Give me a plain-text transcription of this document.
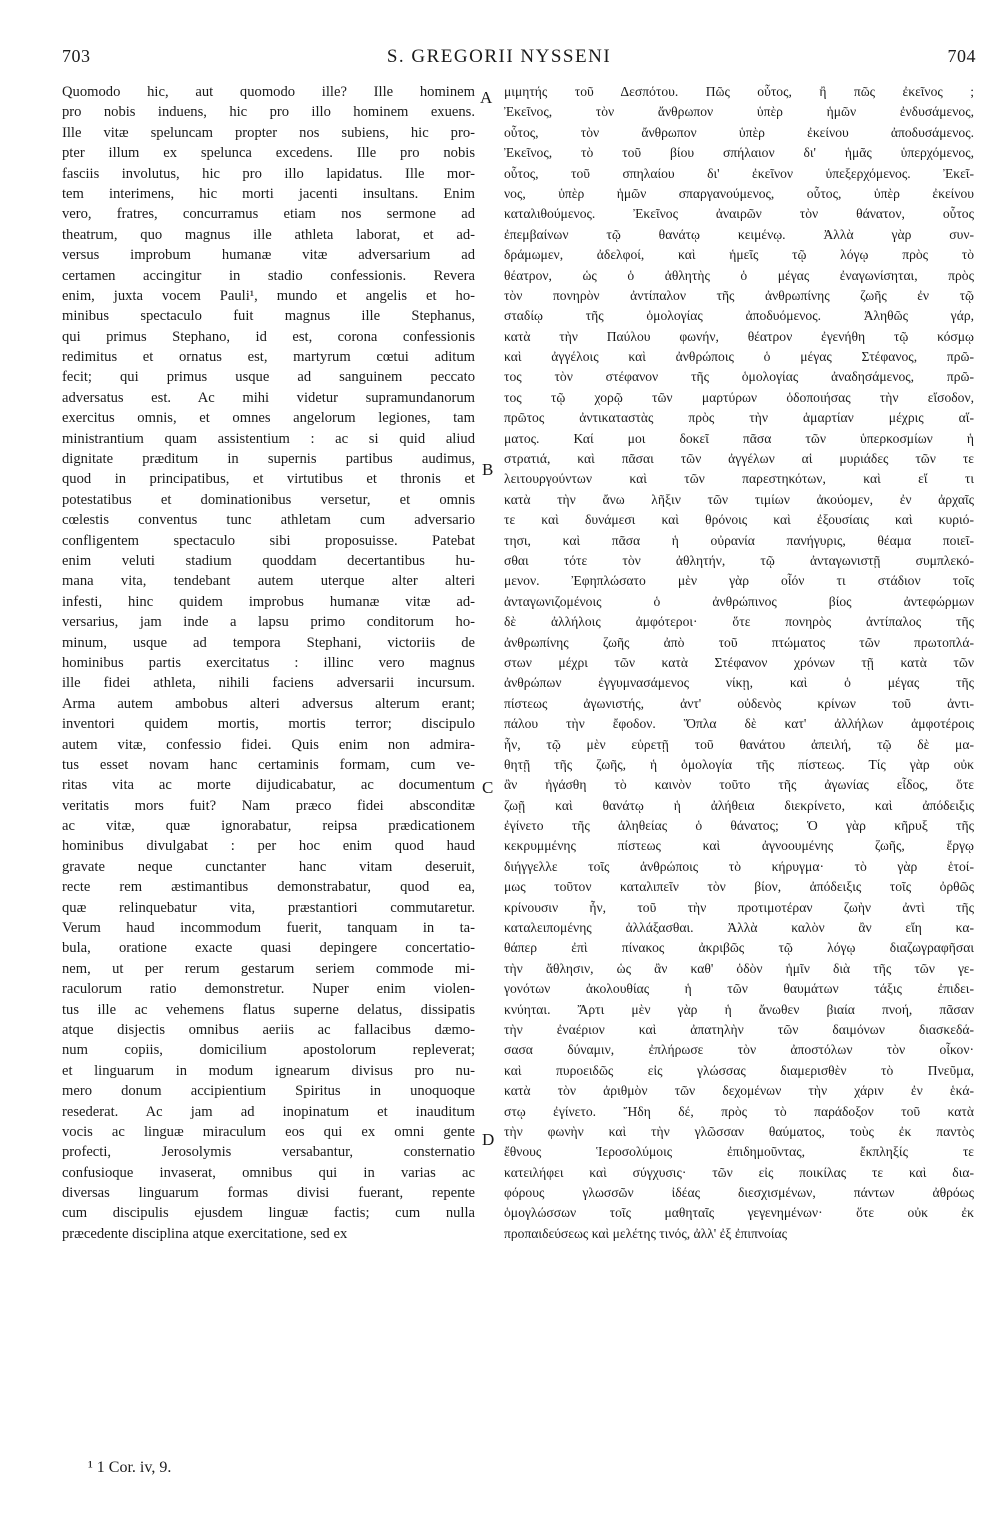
703	S. GREGORII NYSSENI	704
Quomodo hic, aut quomodo ille? Ille hominem
pro nobis induens, hic pro illo hominem exuens.
Ille vitæ speluncam propter nos subiens, hic pro-
pter illum ex spelunca excedens. Ille pro nobis
fasciis involutus, hic pro illo lapidatus. Ille mor-
tem interimens, hic morti jacenti insultans. Enim
vero, fratres, concurramus etiam nos sermone ad
theatrum, quo magnus ille athleta laborat, et ad-
versus improbum humanæ vitæ adversarium ad
certamen accingitur in stadio confessionis. Revera
enim, juxta vocem Pauli¹, mundo et angelis et ho-
minibus spectaculo fuit magnus ille Stephanus,
qui primus Stephano, id est, corona confessionis
redimitus et ornatus est, martyrum cœtui aditum
fecit; qui primus usque ad sanguinem peccato
adversatus est. Ac mihi videtur supramundanorum
exercitus omnis, et omnes angelorum legiones, tam
ministrantium quam assistentium : ac si quid aliud
dignitate præditum in supernis partibus audimus,
quod in principatibus, et virtutibus et thronis et
potestatibus et dominationibus versetur, et omnis
cœlestis conventus tunc athletam cum adversario
confligentem spectaculo sibi proposuisse. Patebat
enim veluti stadium quoddam decertantibus hu-
mana vita, tendebant autem uterque alter alteri
infesti, hinc quidem improbus humanæ vitæ ad-
versarius, jam inde a lapsu primo conditorum ho-
minum, usque ad tempora Stephani, victoriis de
hominibus partis exercitatus : illinc vero magnus
ille fidei athleta, nihili faciens adversarii incursum.
Arma autem ambobus alteri adversus alterum erant;
inventori quidem mortis, mortis terror; discipulo
autem vitæ, confessio fidei. Quis enim non admira-
tus esset novam hanc certaminis formam, cum ve-
ritas vita ac morte dijudicabatur, ac documentum
veritatis mors fuit? Nam præco fidei absconditæ
ac vitæ, quæ ignorabatur, reipsa prædicationem
hominibus divulgabat : per hoc enim quod haud
gravate neque cunctanter hanc vitam deseruit,
recte rem æstimantibus demonstrabatur, quod ea,
quæ relinquebatur vita, præstantiori commutaretur.
Verum haud incommodum fuerit, tanquam in ta-
bula, oratione exacte quasi depingere concertatio-
nem, ut per rerum gestarum seriem commode mi-
raculorum ratio demonstretur. Nuper enim violen-
tus ille ac vehemens flatus superne delatus, dissipatis
atque disjectis omnibus aeriis ac fallacibus dæmo-
num copiis, domicilium apostolorum repleverat;
et linguarum in modum ignearum divisus pro nu-
mero donum accipientium Spiritus in unoquoque
resederat. Ac jam ad inopinatum et inauditum
vocis ac linguæ miraculum eos qui ex omni gente
profecti, Jerosolymis versabantur, consternatio
confusioque invaserat, omnibus qui in varias ac
diversas linguarum formas divisi fuerant, repente
cum discipulis ejusdem linguæ factis; cum nulla
præcedente disciplina atque exercitatione, sed ex
A
B
C
D
μιμητής τοῦ Δεσπότου. Πῶς οὗτος, ἢ πῶς ἐκεῖνος ;
Ἐκεῖνος, τὸν ἄνθρωπον ὑπὲρ ἡμῶν ἐνδυσάμενος,
οὗτος, τὸν ἄνθρωπον ὑπὲρ ἐκείνου ἀποδυσάμενος.
Ἐκεῖνος, τὸ τοῦ βίου σπήλαιον δι' ἡμᾶς ὑπερχόμενος,
οὗτος, τοῦ σπηλαίου δι' ἐκεῖνον ὑπεξερχόμενος. Ἐκεῖ-
νος, ὑπὲρ ἡμῶν σπαργανούμενος, οὗτος, ὑπὲρ ἐκείνου
καταλιθούμενος. Ἐκεῖνος ἀναιρῶν τὸν θάνατον, οὗτος
ἐπεμβαίνων τῷ θανάτῳ κειμένῳ. Ἀλλὰ γὰρ συν-
δράμωμεν, ἀδελφοί, καὶ ἡμεῖς τῷ λόγῳ πρὸς τὸ
θέατρον, ὡς ὁ ἀθλητὴς ὁ μέγας ἐναγωνίσηται, πρὸς
τὸν πονηρὸν ἀντίπαλον τῆς ἀνθρωπίνης ζωῆς ἐν τῷ
σταδίῳ τῆς ὁμολογίας ἀποδυόμενος. Ἀληθῶς γάρ,
κατὰ τὴν Παύλου φωνήν, θέατρον ἐγενήθη τῷ κόσμῳ
καὶ ἀγγέλοις καὶ ἀνθρώποις ὁ μέγας Στέφανος, πρῶ-
τος τὸν στέφανον τῆς ὁμολογίας ἀναδησάμενος, πρῶ-
τος τῷ χορῷ τῶν μαρτύρων ὁδοποιήσας τὴν εἴσοδον,
πρῶτος ἀντικαταστὰς πρὸς τὴν ἁμαρτίαν μέχρις αἵ-
ματος. Καί μοι δοκεῖ πᾶσα τῶν ὑπερκοσμίων ἡ
στρατιά, καὶ πᾶσαι τῶν ἀγγέλων αἱ μυριάδες τῶν τε
λειτουργούντων καὶ τῶν παρεστηκότων, καὶ εἴ τι
κατὰ τὴν ἄνω λῆξιν τῶν τιμίων ἀκούομεν, ἐν ἀρχαῖς
τε καὶ δυνάμεσι καὶ θρόνοις καὶ ἐξουσίαις καὶ κυριό-
τησι, καὶ πᾶσα ἡ οὐρανία πανήγυρις, θέαμα ποιεῖ-
σθαι τότε τὸν ἀθλητήν, τῷ ἀνταγωνιστῇ συμπλεκό-
μενον. Ἐφηπλώσατο μὲν γὰρ οἷόν τι στάδιον τοῖς
ἀνταγωνιζομένοις ὁ ἀνθρώπινος βίος ἀντεφώρμων
δὲ ἀλλήλοις ἀμφότεροι· ὅτε πονηρὸς ἀντίπαλος τῆς
ἀνθρωπίνης ζωῆς ἀπὸ τοῦ πτώματος τῶν πρωτοπλά-
στων μέχρι τῶν κατὰ Στέφανον χρόνων τῇ κατὰ τῶν
ἀνθρώπων ἐγγυμνασάμενος νίκῃ, καὶ ὁ μέγας τῆς
πίστεως ἀγωνιστής, ἀντ' οὐδενὸς κρίνων τοῦ ἀντι-
πάλου τὴν ἔφοδον. Ὅπλα δὲ κατ' ἀλλήλων ἀμφοτέροις
ἦν, τῷ μὲν εὑρετῇ τοῦ θανάτου ἀπειλή, τῷ δὲ μα-
θητῇ τῆς ζωῆς, ἡ ὁμολογία τῆς πίστεως. Τίς γὰρ οὐκ
ἂν ἠγάσθη τὸ καινὸν τοῦτο τῆς ἀγωνίας εἶδος, ὅτε
ζωῇ καὶ θανάτῳ ἡ ἀλήθεια διεκρίνετο, καὶ ἀπόδειξις
ἐγίνετο τῆς ἀληθείας ὁ θάνατος; Ὁ γὰρ κῆρυξ τῆς
κεκρυμμένης πίστεως καὶ ἀγνοουμένης ζωῆς, ἔργῳ
διήγγελλε τοῖς ἀνθρώποις τὸ κήρυγμα· τὸ γὰρ ἑτοί-
μως τοῦτον καταλιπεῖν τὸν βίον, ἀπόδειξις τοῖς ὀρθῶς
κρίνουσιν ἦν, τοῦ τὴν προτιμοτέραν ζωὴν ἀντὶ τῆς
καταλειπομένης ἀλλάξασθαι. Ἀλλὰ καλὸν ἂν εἴη κα-
θάπερ ἐπὶ πίνακος ἀκριβῶς τῷ λόγῳ διαζωγραφῆσαι
τὴν ἄθλησιν, ὡς ἂν καθ' ὁδὸν ἡμῖν διὰ τῆς τῶν γε-
γονότων ἀκολουθίας ἡ τῶν θαυμάτων τάξις ἐπιδει-
κνύηται. Ἄρτι μὲν γὰρ ἡ ἄνωθεν βιαία πνοή, πᾶσαν
τὴν ἐναέριον καὶ ἀπατηλὴν τῶν δαιμόνων διασκεδά-
σασα δύναμιν, ἐπλήρωσε τὸν ἀποστόλων τὸν οἶκον·
καὶ πυροειδῶς εἰς γλώσσας διαμερισθὲν τὸ Πνεῦμα,
κατὰ τὸν ἀριθμὸν τῶν δεχομένων τὴν χάριν ἐν ἑκά-
στῳ ἐγίνετο. Ἤδη δέ, πρὸς τὸ παράδοξον τοῦ κατὰ
τὴν φωνὴν καὶ τὴν γλῶσσαν θαύματος, τοὺς ἐκ παντὸς
ἔθνους Ἱεροσολύμοις ἐπιδημοῦντας, ἔκπληξίς τε
κατειλήφει καὶ σύγχυσις· τῶν εἰς ποικίλας τε καὶ δια-
φόρους γλωσσῶν ἰδέας διεσχισμένων, πάντων ἀθρόως
ὁμογλώσσων τοῖς μαθηταῖς γεγενημένων· ὅτε οὐκ ἐκ
προπαιδεύσεως καὶ μελέτης τινός, ἀλλ' ἐξ ἐπιπνοίας
¹ 1 Cor. iv, 9.
